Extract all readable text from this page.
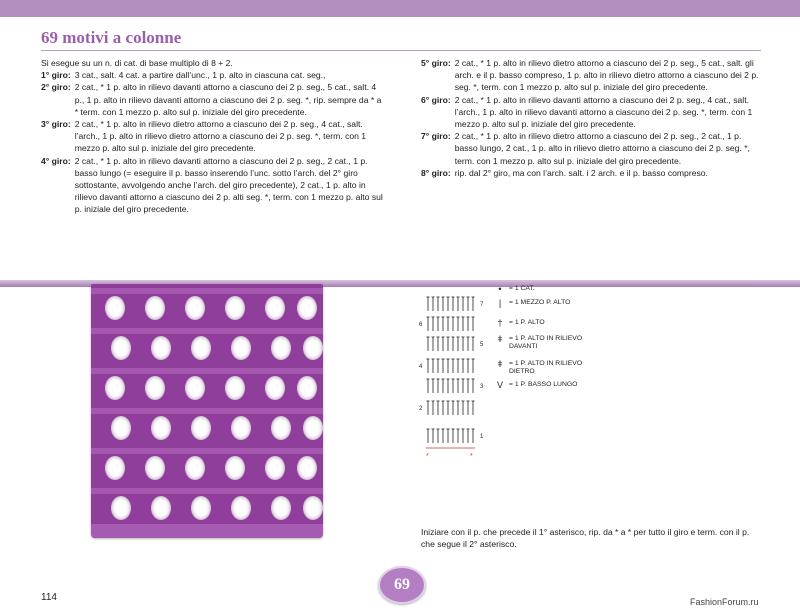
69 motivi a colonne
Si esegue su un n. di cat. di base multiplo di 8 + 2.
1° giro: 3 cat., salt. 4 cat. a partire dall’unc., 1 p. alto in ciascuna cat. seg.,
2° giro: 2 cat., * 1 p. alto in rilievo davanti attorno a ciascuno dei 2 p. seg., 5 cat., salt. 4 p., 1 p. alto in rilievo davanti attorno a ciascuno dei 2 p. seg. *, rip. sempre da * a * term. con 1 mezzo p. alto sul p. iniziale del giro precedente.
3° giro: 2 cat., * 1 p. alto in rilievo dietro attorno a ciascuno dei 2 p. seg., 4 cat., salt. l’arch., 1 p. alto in rilievo dietro attorno a ciascuno dei 2 p. seg. *, term. con 1 mezzo p. alto sul p. iniziale del giro precedente.
4° giro: 2 cat., * 1 p. alto in rilievo davanti attorno a ciascuno dei 2 p. seg., 2 cat., 1 p. basso lungo (= eseguire il p. basso inserendo l’unc. sotto l’arch. del 2° giro sottostante, avvolgendo anche l’arch. del giro precedente), 2 cat., 1 p. alto in rilievo davanti attorno a ciascuno dei 2 p. alti seg. *, term. con 1 mezzo p. alto sul p. iniziale del giro precedente.
5° giro: 2 cat., * 1 p. alto in rilievo dietro attorno a ciascuno dei 2 p. seg., 5 cat., salt. gli arch. e il p. basso compreso, 1 p. alto in rilievo dietro attorno a ciascuno dei 2 p. seg. *, term. con 1 mezzo p. alto sul p. iniziale del giro precedente.
6° giro: 2 cat., * 1 p. alto in rilievo davanti attorno a ciascuno dei 2 p. seg., 4 cat., salt. l’arch., 1 p. alto in rilievo davanti attorno a ciascuno dei 2 p. seg. *, term. con 1 mezzo p. alto sul p. iniziale del giro precedente.
7° giro: 2 cat., * 1 p. alto in rilievo dietro attorno a ciascuno dei 2 p. seg., 2 cat., 1 p. basso lungo, 2 cat., 1 p. alto in rilievo dietro attorno a ciascuno dei 2 p. seg. *, term. con 1 mezzo p. alto sul p. iniziale del giro precedente.
8° giro: rip. dal 2° giro, ma con l’arch. salt. i 2 arch. e il p. basso compreso.
1
2
3
4
5
6
7
*	*
•	= 1 CAT.
|	= 1 MEZZO P. ALTO
† = 1 P. ALTO
ǂ = 1 P. ALTO IN RILIEVO DAVANTI
ǂ = 1 P. ALTO IN RILIEVO DIETRO
V = 1 P. BASSO LUNGO
Iniziare con il p. che precede il 1° asterisco, rip. da * a * per tutto il giro e term. con il p. che segue il 2° asterisco.
114
69
FashionForum.ru
